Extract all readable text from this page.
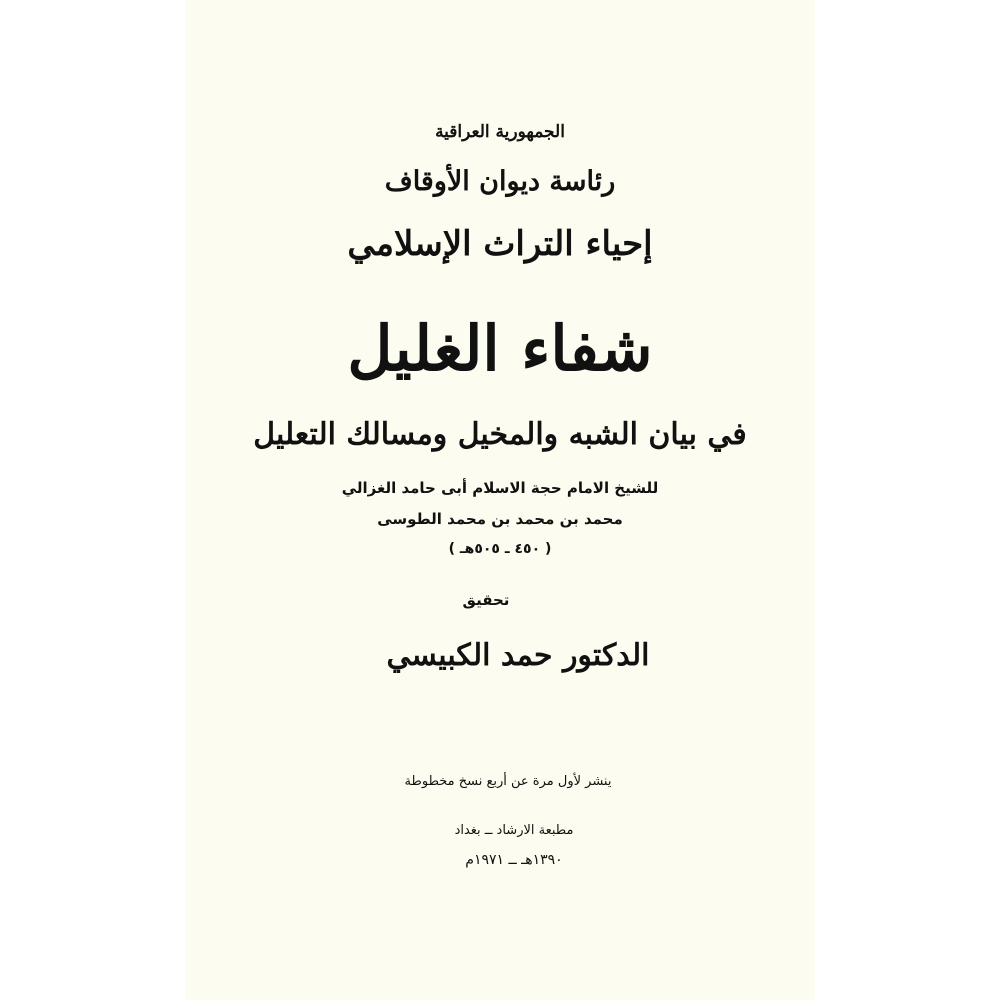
الجمهورية العراقية
رئاسة ديوان الأوقاف
إحياء التراث الإسلامي
شفاء الغليل
في بيان الشبه والمخيل ومسالك التعليل
للشيخ الامام حجة الاسلام أبى حامد الغزالي
محمد بن محمد بن محمد الطوسى
( ٤٥٠ ـ ٥٠٥هـ )
تحقيق
الدكتور حمد الكبيسي
ينشر لأول مرة عن أربع نسخ مخطوطة
مطبعة الارشاد ــ بغداد
١٣٩٠هـ ــ ١٩٧١م
